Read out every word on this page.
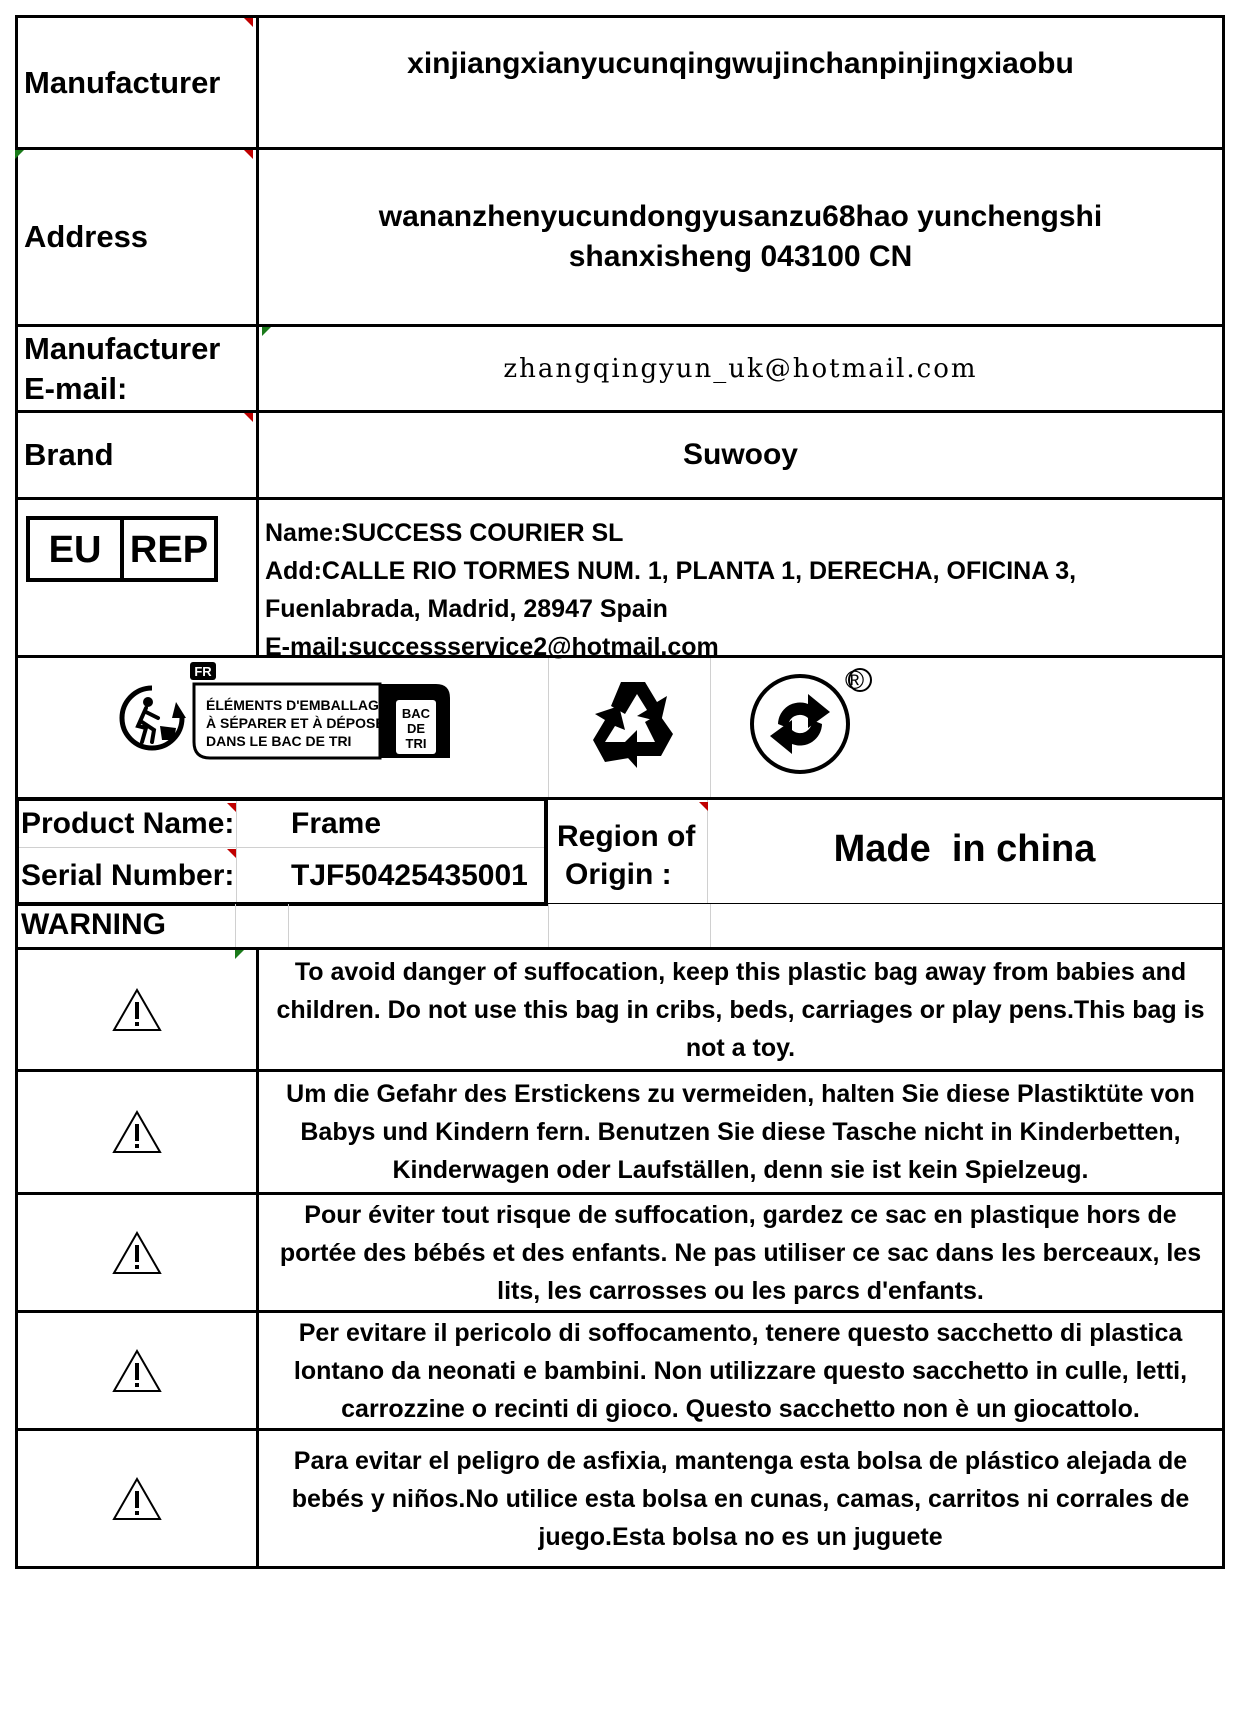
Manufacturer
xinjiangxianyucunqingwujinchanpinjingxiaobu
Address
wananzhenyucundongyusanzu68hao yunchengshi
shanxisheng 043100 CN
Manufacturer
E-mail:
zhangqingyun_uk@hotmail.com
Brand	Suwooy
EU REP Name:SUCCESS COURIER SL
Add:CALLE RIO TORMES NUM. 1, PLANTA 1, DERECHA, OFICINA 3,
Fuenlabrada, Madrid, 28947 Spain
E-mail:successservice2@hotmail.com
FR
ÉLÉMENTS D'EMBALLAGE
À SÉPARER ET À DÉPOSER
DANS LE BAC DE TRI
BAC
DE
TRI
®
Product Name: Frame
Serial Number: TJF50425435001
Region of
Origin :
Made  in china
WARNING
To avoid danger of suffocation, keep this plastic bag away from babies and children. Do not use this bag in cribs, beds, carriages or play pens.This bag is not a toy.
Um die Gefahr des Erstickens zu vermeiden, halten Sie diese Plastiktüte von Babys und Kindern fern. Benutzen Sie diese Tasche nicht in Kinderbetten, Kinderwagen oder Laufställen, denn sie ist kein Spielzeug.
Pour éviter tout risque de suffocation, gardez ce sac en plastique hors de portée des bébés et des enfants. Ne pas utiliser ce sac dans les berceaux, les lits, les carrosses ou les parcs d'enfants.
Per evitare il pericolo di soffocamento, tenere questo sacchetto di plastica lontano da neonati e bambini. Non utilizzare questo sacchetto in culle, letti, carrozzine o recinti di gioco. Questo sacchetto non è un giocattolo.
Para evitar el peligro de asfixia, mantenga esta bolsa de plástico alejada de bebés y niños.No utilice esta bolsa en cunas, camas, carritos ni corrales de juego.Esta bolsa no es un juguete
